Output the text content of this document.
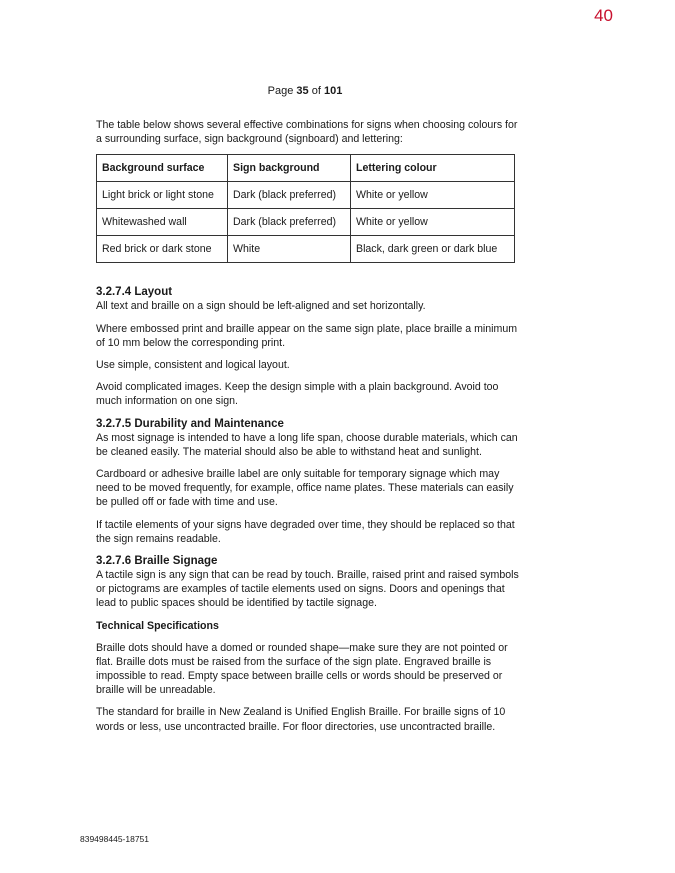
40
Page 35 of 101

The table below shows several effective combinations for signs when choosing colours for a surrounding surface, sign background (signboard) and lettering:

Background surface	Sign background	Lettering colour
Light brick or light stone	Dark (black preferred)	White or yellow
Whitewashed wall	Dark (black preferred)	White or yellow
Red brick or dark stone	White	Black, dark green or dark blue
3.2.7.4 Layout

All text and braille on a sign should be left-aligned and set horizontally.

Where embossed print and braille appear on the same sign plate, place braille a minimum of 10 mm below the corresponding print.

Use simple, consistent and logical layout.

Avoid complicated images. Keep the design simple with a plain background. Avoid too much information on one sign.

3.2.7.5 Durability and Maintenance

As most signage is intended to have a long life span, choose durable materials, which can be cleaned easily. The material should also be able to withstand heat and sunlight.

Cardboard or adhesive braille label are only suitable for temporary signage which may need to be moved frequently, for example, office name plates. These materials can easily be pulled off or fade with time and use.

If tactile elements of your signs have degraded over time, they should be replaced so that the sign remains readable.

3.2.7.6 Braille Signage

A tactile sign is any sign that can be read by touch. Braille, raised print and raised symbols or pictograms are examples of tactile elements used on signs. Doors and openings that lead to public spaces should be identified by tactile signage.

Technical Specifications

Braille dots should have a domed or rounded shape—make sure they are not pointed or flat. Braille dots must be raised from the surface of the sign plate. Engraved braille is impossible to read. Empty space between braille cells or words should be preserved or braille will be unreadable.

The standard for braille in New Zealand is Unified English Braille. For braille signs of 10 words or less, use uncontracted braille. For floor directories, use uncontracted braille.

839498445-18751
